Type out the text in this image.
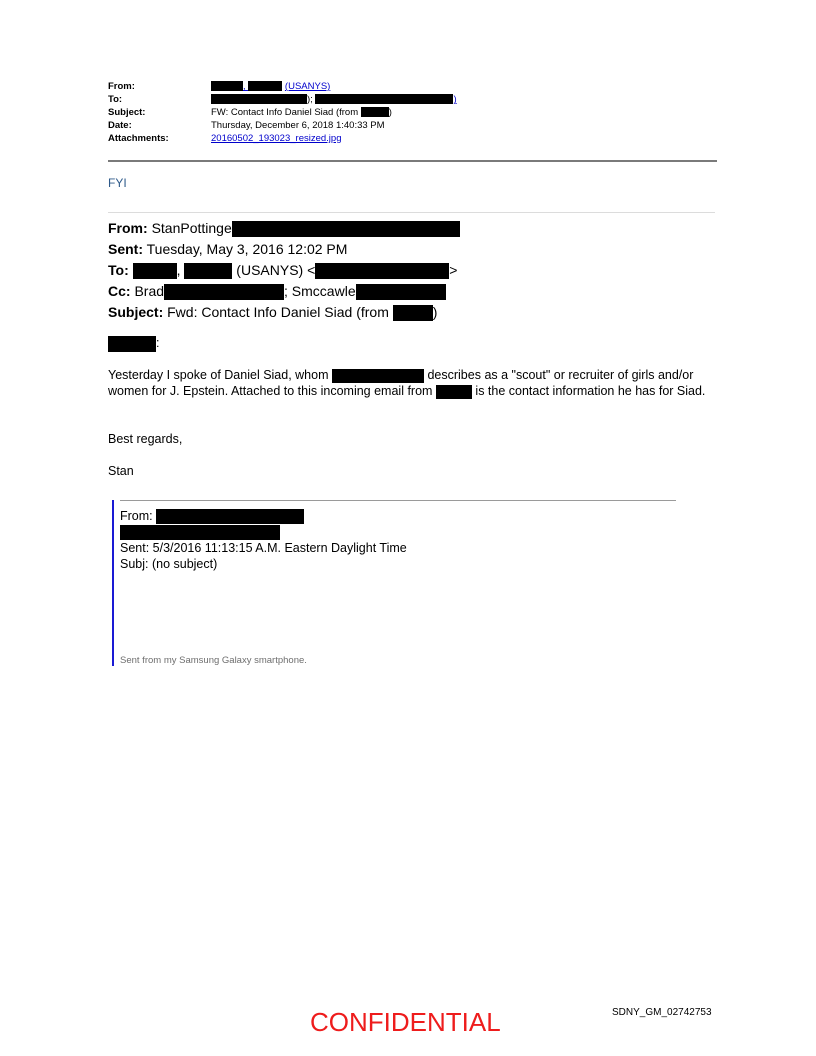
From:	,	(USANYS)
To:	);	)
Subject:	FW: Contact Info Daniel Siad (from	)
Date:	Thursday, December 6, 2018 1:40:33 PM
Attachments:	20160502_193023_resized.jpg
FYI
From: StanPottinge
Sent: Tuesday, May 3, 2016 12:02 PM
To:	,	(USANYS) <	>
Cc: Brad	; Smccawle
Subject: Fwd: Contact Info Daniel Siad (from	)
:
Yesterday I spoke of Daniel Siad, whom	describes as a "scout" or recruiter of girls and/or women for J. Epstein. Attached to this incoming email from	is the contact information he has for Siad.
Best regards,
Stan
From:
Sent: 5/3/2016 11:13:15 A.M. Eastern Daylight Time
Subj: (no subject)
Sent from my Samsung Galaxy smartphone.
CONFIDENTIAL	SDNY_GM_02742753
